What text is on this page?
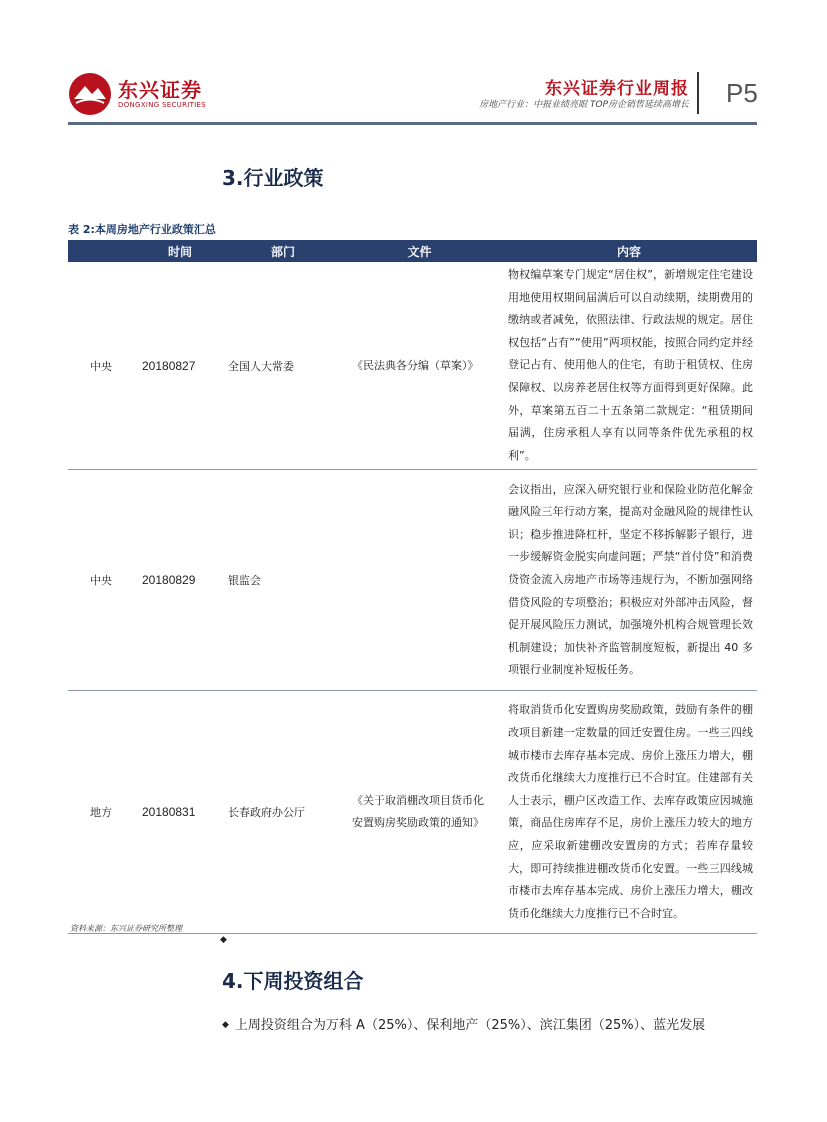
东兴证券
DONGXING SECURITIES
东兴证券行业周报
房地产行业：中报业绩亮眼 TOP房企销售延续高增长 P5
3.行业政策
表 2:本周房地产行业政策汇总
	时间	部门	文件	内容
中央	20180827	全国人大常委	《民法典各分编（草案）》	物权编草案专门规定“居住权”，新增规定住宅建设用地使用权期间届满后可以自动续期，续期费用的缴纳或者减免，依照法律、行政法规的规定。居住权包括“占有”“使用”两项权能，按照合同约定并经登记占有、使用他人的住宅，有助于租赁权、住房保障权、以房养老居住权等方面得到更好保障。此外，草案第五百二十五条第二款规定：“租赁期间届满，住房承租人享有以同等条件优先承租的权利”。
中央	20180829	银监会		会议指出，应深入研究银行业和保险业防范化解金融风险三年行动方案，提高对金融风险的规律性认识；稳步推进降杠杆，坚定不移拆解影子银行，进一步缓解资金脱实向虚问题；严禁“首付贷”和消费贷资金流入房地产市场等违规行为，不断加强网络借贷风险的专项整治；积极应对外部冲击风险，督促开展风险压力测试，加强境外机构合规管理长效机制建设；加快补齐监管制度短板，新提出 40 多项银行业制度补短板任务。
地方	20180831	长春政府办公厅	《关于取消棚改项目货币化安置购房奖励政策的通知》	将取消货币化安置购房奖励政策，鼓励有条件的棚改项目新建一定数量的回迁安置住房。一些三四线城市楼市去库存基本完成、房价上涨压力增大，棚改货币化继续大力度推行已不合时宜。住建部有关人士表示，棚户区改造工作、去库存政策应因城施策，商品住房库存不足，房价上涨压力较大的地方应，应采取新建棚改安置房的方式；若库存量较大，即可持续推进棚改货币化安置。一些三四线城市楼市去库存基本完成、房价上涨压力增大，棚改货币化继续大力度推行已不合时宜。
资料来源：东兴证券研究所整理
◆
4.下周投资组合
◆ 上周投资组合为万科 A（25%）、保利地产（25%）、滨江集团（25%）、蓝光发展
